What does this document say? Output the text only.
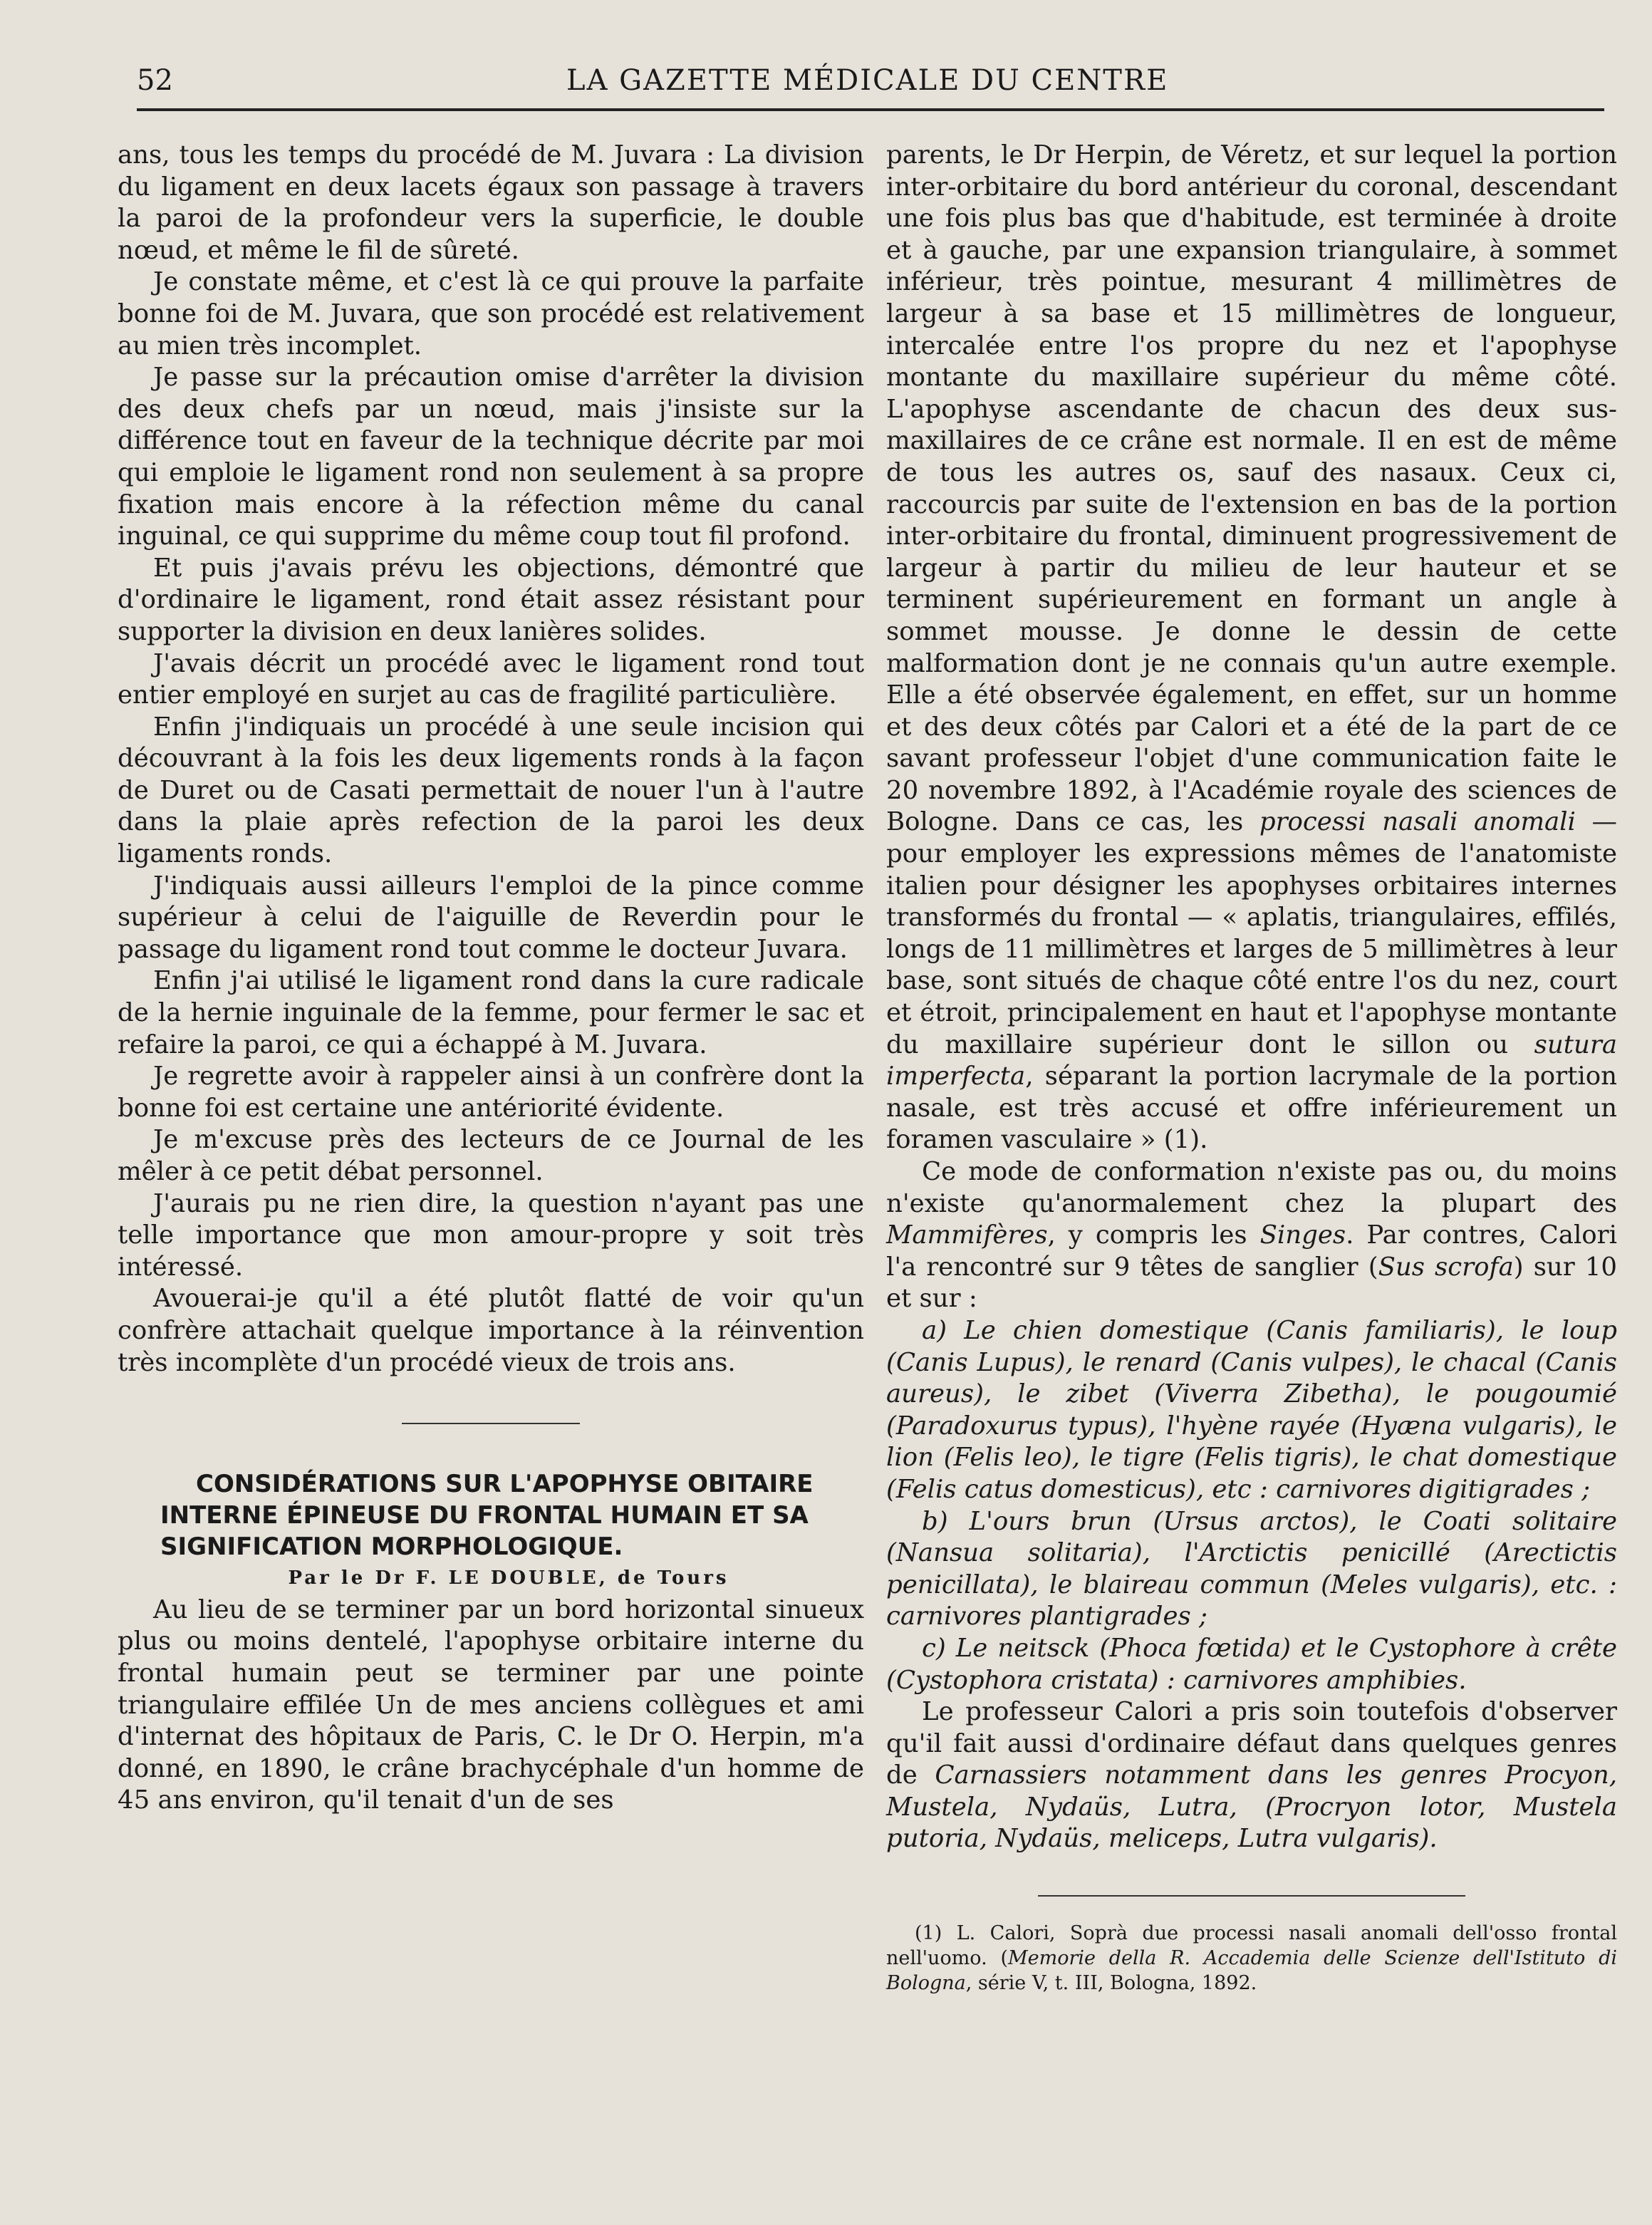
52	LA GAZETTE MÉDICALE DU CENTRE

ans, tous les temps du procédé de M. Juvara : La division du ligament en deux lacets égaux son passage à travers la paroi de la profondeur vers la superficie, le double nœud, et même le fil de sûreté.

Je constate même, et c'est là ce qui prouve la parfaite bonne foi de M. Juvara, que son procédé est relativement au mien très incomplet.

Je passe sur la précaution omise d'arrêter la division des deux chefs par un nœud, mais j'insiste sur la différence tout en faveur de la technique décrite par moi qui emploie le ligament rond non seulement à sa propre fixation mais encore à la réfection même du canal inguinal, ce qui supprime du même coup tout fil profond.

Et puis j'avais prévu les objections, démontré que d'ordinaire le ligament, rond était assez résistant pour supporter la division en deux lanières solides.

J'avais décrit un procédé avec le ligament rond tout entier employé en surjet au cas de fragilité particulière.

Enfin j'indiquais un procédé à une seule incision qui découvrant à la fois les deux ligements ronds à la façon de Duret ou de Casati permettait de nouer l'un à l'autre dans la plaie après refection de la paroi les deux ligaments ronds.

J'indiquais aussi ailleurs l'emploi de la pince comme supérieur à celui de l'aiguille de Reverdin pour le passage du ligament rond tout comme le docteur Juvara.

Enfin j'ai utilisé le ligament rond dans la cure radicale de la hernie inguinale de la femme, pour fermer le sac et refaire la paroi, ce qui a échappé à M. Juvara.

Je regrette avoir à rappeler ainsi à un confrère dont la bonne foi est certaine une antériorité évidente.

Je m'excuse près des lecteurs de ce Journal de les mêler à ce petit débat personnel.

J'aurais pu ne rien dire, la question n'ayant pas une telle importance que mon amour-propre y soit très intéressé.

Avouerai-je qu'il a été plutôt flatté de voir qu'un confrère attachait quelque importance à la réinvention très incomplète d'un procédé vieux de trois ans.

CONSIDÉRATIONS SUR L'APOPHYSE OBITAIRE INTERNE ÉPINEUSE DU FRONTAL HUMAIN ET SA SIGNIFICATION MORPHOLOGIQUE.

Par le Dr F. LE DOUBLE, de Tours

Au lieu de se terminer par un bord horizontal sinueux plus ou moins dentelé, l'apophyse orbitaire interne du frontal humain peut se terminer par une pointe triangulaire effilée Un de mes anciens collègues et ami d'internat des hôpitaux de Paris, C. le Dr O. Herpin, m'a donné, en 1890, le crâne brachycéphale d'un homme de 45 ans environ, qu'il tenait d'un de ses

parents, le Dr Herpin, de Véretz, et sur lequel la portion inter-orbitaire du bord antérieur du coronal, descendant une fois plus bas que d'habitude, est terminée à droite et à gauche, par une expansion triangulaire, à sommet inférieur, très pointue, mesurant 4 millimètres de largeur à sa base et 15 millimètres de longueur, intercalée entre l'os propre du nez et l'apophyse montante du maxillaire supérieur du même côté. L'apophyse ascendante de chacun des deux sus-maxillaires de ce crâne est normale. Il en est de même de tous les autres os, sauf des nasaux. Ceux ci, raccourcis par suite de l'extension en bas de la portion inter-orbitaire du frontal, diminuent progressivement de largeur à partir du milieu de leur hauteur et se terminent supérieurement en formant un angle à sommet mousse. Je donne le dessin de cette malformation dont je ne connais qu'un autre exemple. Elle a été observée également, en effet, sur un homme et des deux côtés par Calori et a été de la part de ce savant professeur l'objet d'une communication faite le 20 novembre 1892, à l'Académie royale des sciences de Bologne. Dans ce cas, les processi nasali anomali — pour employer les expressions mêmes de l'anatomiste italien pour désigner les apophyses orbitaires internes transformés du frontal — « aplatis, triangulaires, effilés, longs de 11 millimètres et larges de 5 millimètres à leur base, sont situés de chaque côté entre l'os du nez, court et étroit, principalement en haut et l'apophyse montante du maxillaire supérieur dont le sillon ou sutura imperfecta, séparant la portion lacrymale de la portion nasale, est très accusé et offre inférieurement un foramen vasculaire » (1).

Ce mode de conformation n'existe pas ou, du moins n'existe qu'anormalement chez la plupart des Mammifères, y compris les Singes. Par contres, Calori l'a rencontré sur 9 têtes de sanglier (Sus scrofa) sur 10 et sur :

a) Le chien domestique (Canis familiaris), le loup (Canis Lupus), le renard (Canis vulpes), le chacal (Canis aureus), le zibet (Viverra Zibetha), le pougoumié (Paradoxurus typus), l'hyène rayée (Hyæna vulgaris), le lion (Felis leo), le tigre (Felis tigris), le chat domestique (Felis catus domesticus), etc : carnivores digitigrades ;

b) L'ours brun (Ursus arctos), le Coati solitaire (Nansua solitaria), l'Arctictis penicillé (Arectictis penicillata), le blaireau commun (Meles vulgaris), etc. : carnivores plantigrades ;

c) Le neitsck (Phoca fœtida) et le Cystophore à crête (Cystophora cristata) : carnivores amphibies.

Le professeur Calori a pris soin toutefois d'observer qu'il fait aussi d'ordinaire défaut dans quelques genres de Carnassiers notamment dans les genres Procyon, Mustela, Nydaüs, Lutra, (Procryon lotor, Mustela putoria, Nydaüs, meliceps, Lutra vulgaris).

(1) L. Calori, Soprà due processi nasali anomali dell'osso frontal nell'uomo. (Memorie della R. Accademia delle Scienze dell'Istituto di Bologna, série V, t. III, Bologna, 1892.
